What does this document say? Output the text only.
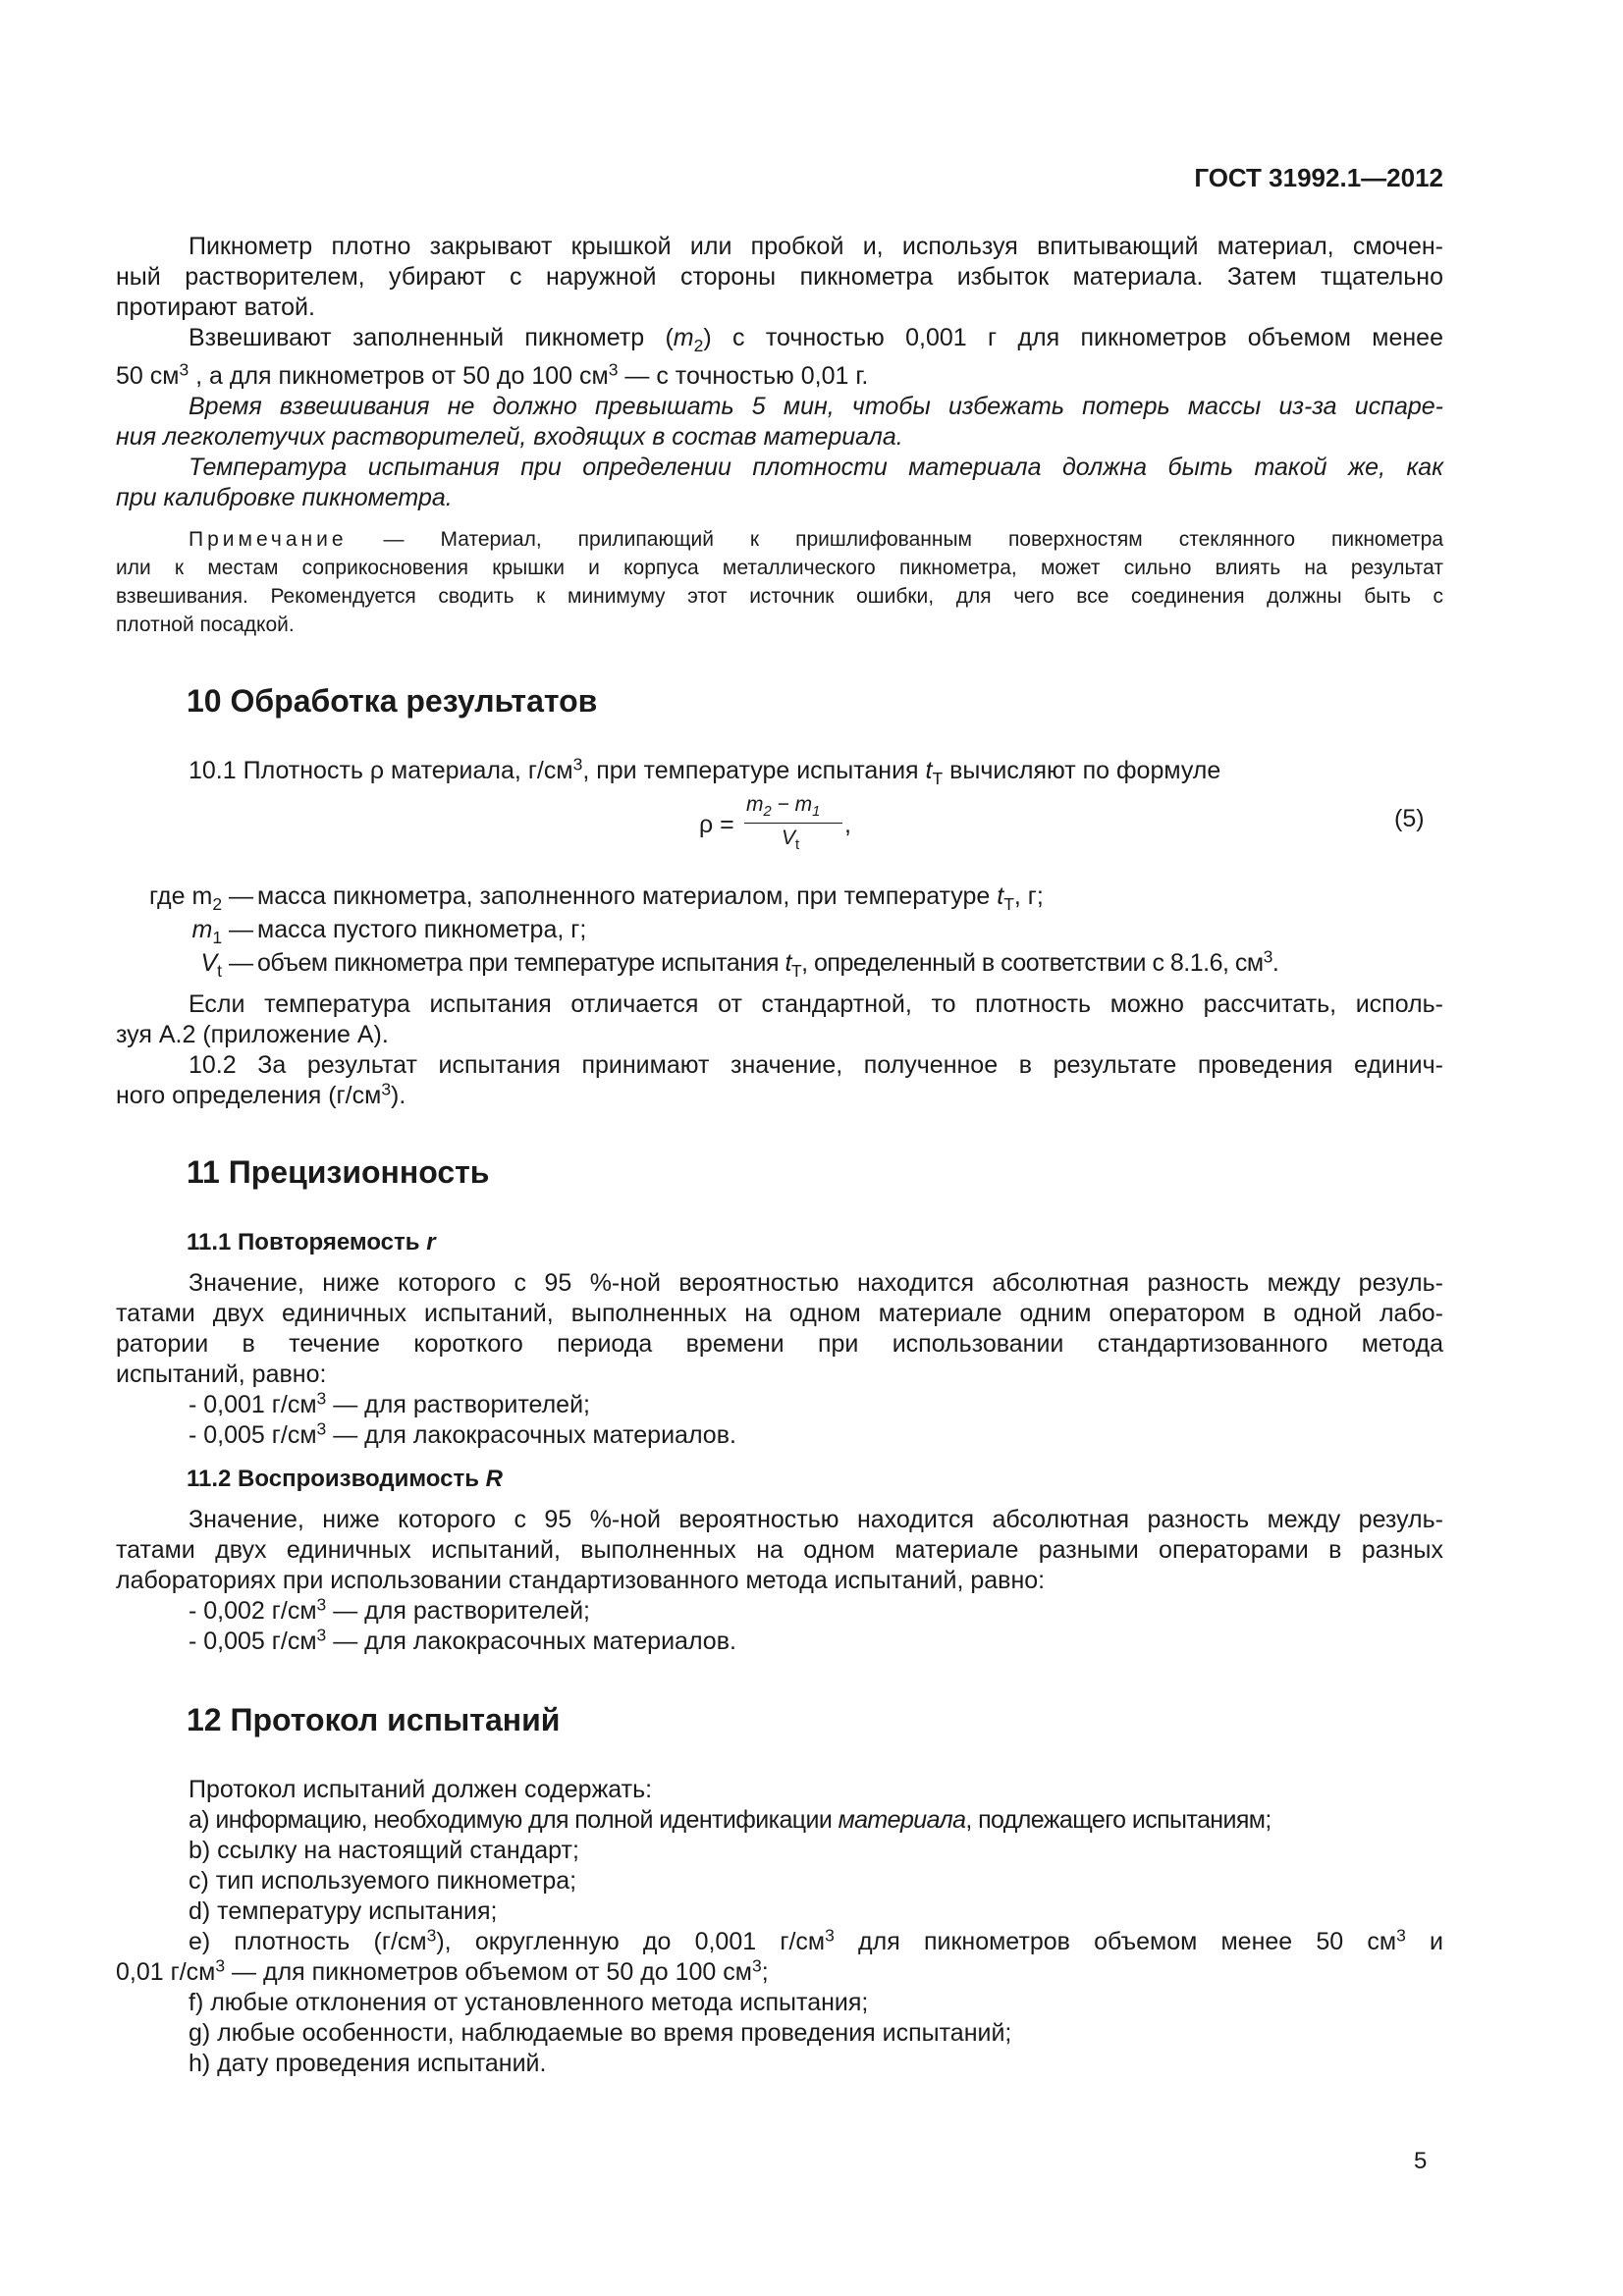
ГОСТ 31992.1—2012

Пикнометр плотно закрывают крышкой или пробкой и, используя впитывающий материал, смочен-

ный растворителем, убирают с наружной стороны пикнометра избыток материала. Затем тщательно

протирают ватой.

Взвешивают заполненный пикнометр $(m_2)$ с точностью 0,001 г для пикнометров объемом менее

50 $см^3$ , а для пикнометров от 50 до 100 $см^3$ — с точностью 0,01 г.

Время взвешивания не должно превышать 5 мин, чтобы избежать потерь массы из-за испаре-

ния легколетучих растворителей, входящих в состав материала.

Температура испытания при определении плотности материала должна быть такой же, как

при калибровке пикнометра.

Примечание — Материал, прилипающий к пришлифованным поверхностям стеклянного пикнометра

или к местам соприкосновения крышки и корпуса металлического пикнометра, может сильно влиять на результат

взвешивания. Рекомендуется сводить к минимуму этот источник ошибки, для чего все соединения должны быть с

плотной посадкой.

10 Обработка результатов

10.1 Плотность ρ материала, $г/см^3$, при температуре испытания $t_T$ вычисляют по формуле

ρ =
$m_2 - m_1$
$V_t$
,	(5)
где $m_2$ — масса пикнометра, заполненного материалом, при температуре $t_T$, г;
$m_1$ — масса пустого пикнометра, г;
$V_t$ — объем пикнометра при температуре испытания $t_T$, определенный в соответствии с 8.1.6, $см^3$.

Если температура испытания отличается от стандартной, то плотность можно рассчитать, исполь-

зуя А.2 (приложение А).

10.2 За результат испытания принимают значение, полученное в результате проведения единич-

ного определения $(г/см^3)$.

11 Прецизионность
11.1 Повторяемость r

Значение, ниже которого с 95 %-ной вероятностью находится абсолютная разность между резуль-

татами двух единичных испытаний, выполненных на одном материале одним оператором в одной лабо-

ратории в течение короткого периода времени при использовании стандартизованного метода

испытаний, равно:

- 0,001 $г/см^3$ — для растворителей;

- 0,005 $г/см^3$ — для лакокрасочных материалов.

11.2 Воспроизводимость R

Значение, ниже которого с 95 %-ной вероятностью находится абсолютная разность между резуль-

татами двух единичных испытаний, выполненных на одном материале разными операторами в разных

лабораториях при использовании стандартизованного метода испытаний, равно:

- 0,002 $г/см^3$ — для растворителей;

- 0,005 $г/см^3$ — для лакокрасочных материалов.

12 Протокол испытаний

Протокол испытаний должен содержать:

a) информацию, необходимую для полной идентификации материала, подлежащего испытаниям;

b) ссылку на настоящий стандарт;

c) тип используемого пикнометра;

d) температуру испытания;

e) плотность $(г/см^3)$, округленную до 0,001 $г/см^3$ для пикнометров объемом менее 50 $см^3$ и

0,01 $г/см^3$ — для пикнометров объемом от 50 до 100 $см^3$;

f) любые отклонения от установленного метода испытания;

g) любые особенности, наблюдаемые во время проведения испытаний;

h) дату проведения испытаний.

5
